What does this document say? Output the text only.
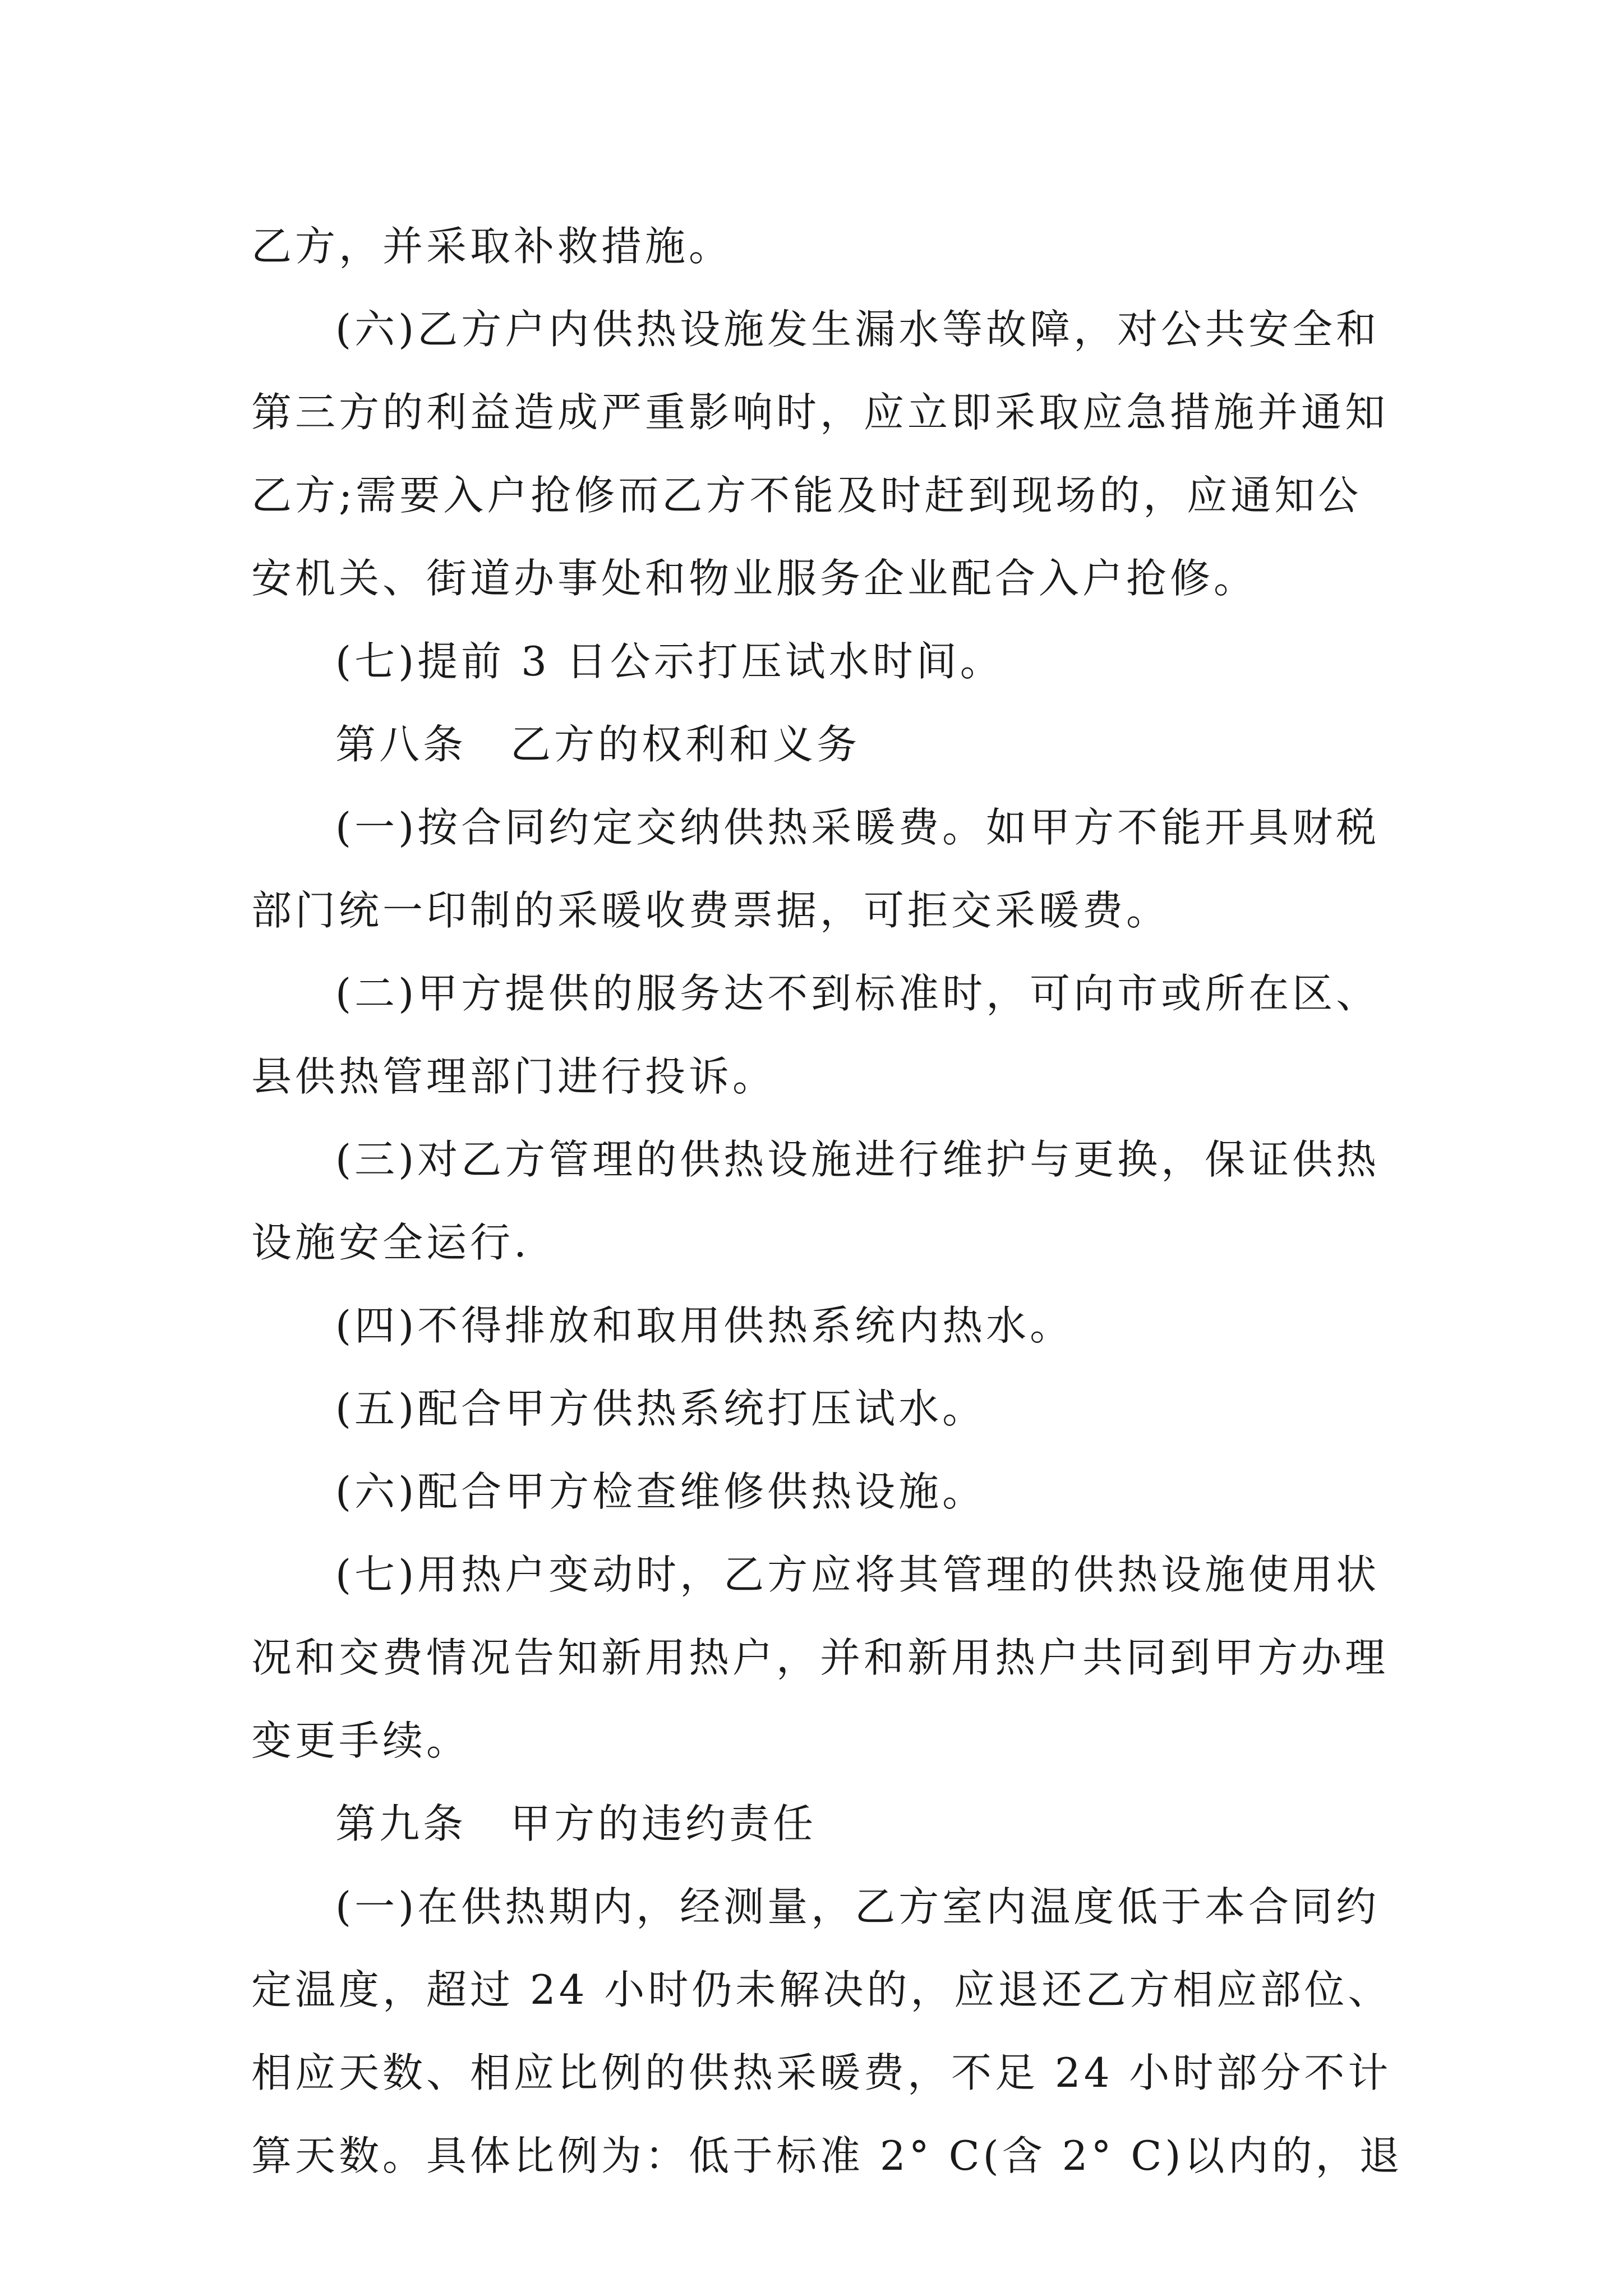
乙方，并采取补救措施。
(六)乙方户内供热设施发生漏水等故障，对公共安全和
第三方的利益造成严重影响时，应立即采取应急措施并通知
乙方;需要入户抢修而乙方不能及时赶到现场的，应通知公
安机关、街道办事处和物业服务企业配合入户抢修。
(七)提前 3 日公示打压试水时间。
第八条　乙方的权利和义务
(一)按合同约定交纳供热采暖费。如甲方不能开具财税
部门统一印制的采暖收费票据，可拒交采暖费。
(二)甲方提供的服务达不到标准时，可向市或所在区、
县供热管理部门进行投诉。
(三)对乙方管理的供热设施进行维护与更换，保证供热
设施安全运行.
(四)不得排放和取用供热系统内热水。
(五)配合甲方供热系统打压试水。
(六)配合甲方检查维修供热设施。
(七)用热户变动时，乙方应将其管理的供热设施使用状
况和交费情况告知新用热户，并和新用热户共同到甲方办理
变更手续。
第九条　甲方的违约责任
(一)在供热期内，经测量，乙方室内温度低于本合同约
定温度，超过 24 小时仍未解决的，应退还乙方相应部位、
相应天数、相应比例的供热采暖费，不足 24 小时部分不计
算天数。具体比例为：低于标准 2° C(含 2° C)以内的，退
